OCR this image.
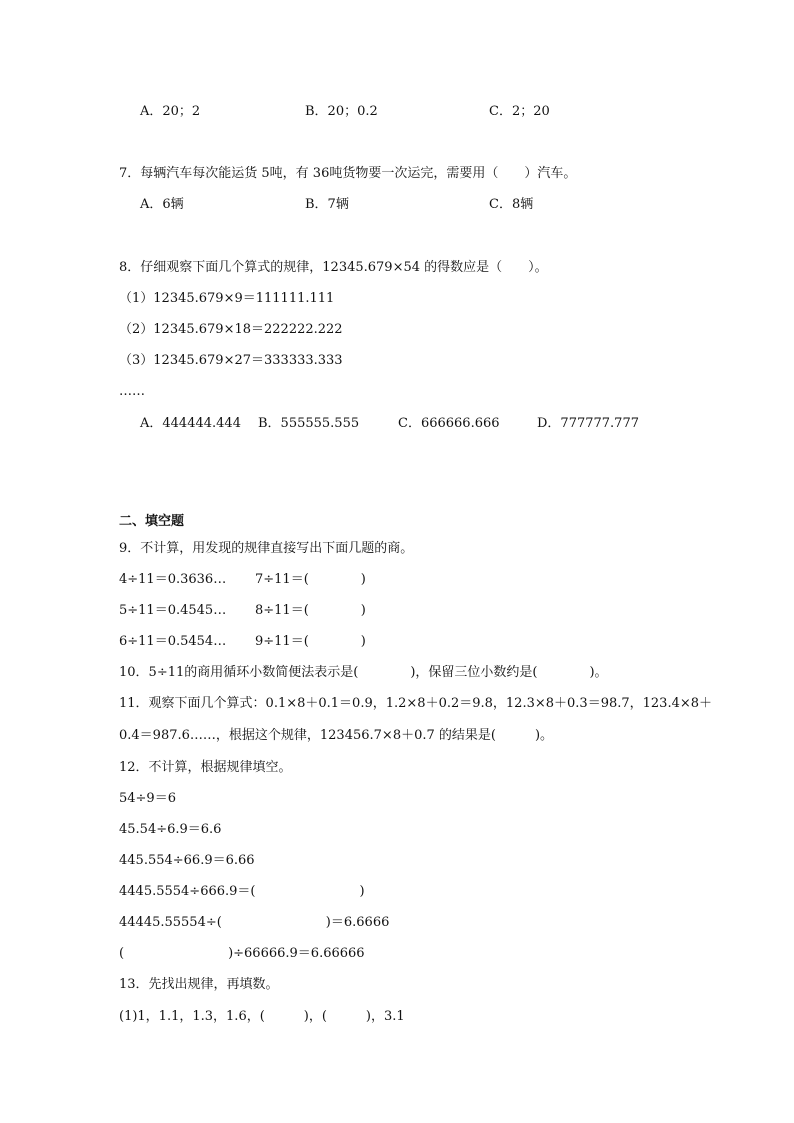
A．20；2	B．20；0.2	C．2；20
7．每辆汽车每次能运货 5吨，有 36吨货物要一次运完，需要用（　　）汽车。
A．6辆	B．7辆	C．8辆
8．仔细观察下面几个算式的规律，12345.679×54 的得数应是（　　）。
（1）12345.679×9＝111111.111
（2）12345.679×18＝222222.222
（3）12345.679×27＝333333.333
……
A．444444.444 B．555555.555	C．666666.666	D．777777.777
二、填空题
9．不计算，用发现的规律直接写出下面几题的商。
4÷11＝0.3636… 7÷11＝(　　　　)
5÷11＝0.4545… 8÷11＝(　　　　)
6÷11＝0.5454… 9÷11＝(　　　　)
10．5÷11的商用循环小数简便法表示是(　　　　)，保留三位小数约是(　　　　)。
11．观察下面几个算式：0.1×8＋0.1＝0.9，1.2×8＋0.2＝9.8，12.3×8＋0.3＝98.7，123.4×8＋
0.4＝987.6……，根据这个规律，123456.7×8＋0.7 的结果是(　　　)。
12．不计算，根据规律填空。
54÷9＝6
45.54÷6.9＝6.6
445.554÷66.9＝6.66
4445.5554÷666.9＝(　　　　　　　　)
44445.55554÷(　　　　　　　　)＝6.6666
(　　　　　　　　)÷66666.9＝6.66666
13．先找出规律，再填数。
(1)1，1.1，1.3，1.6，(　　　)，(　　　)，3.1
